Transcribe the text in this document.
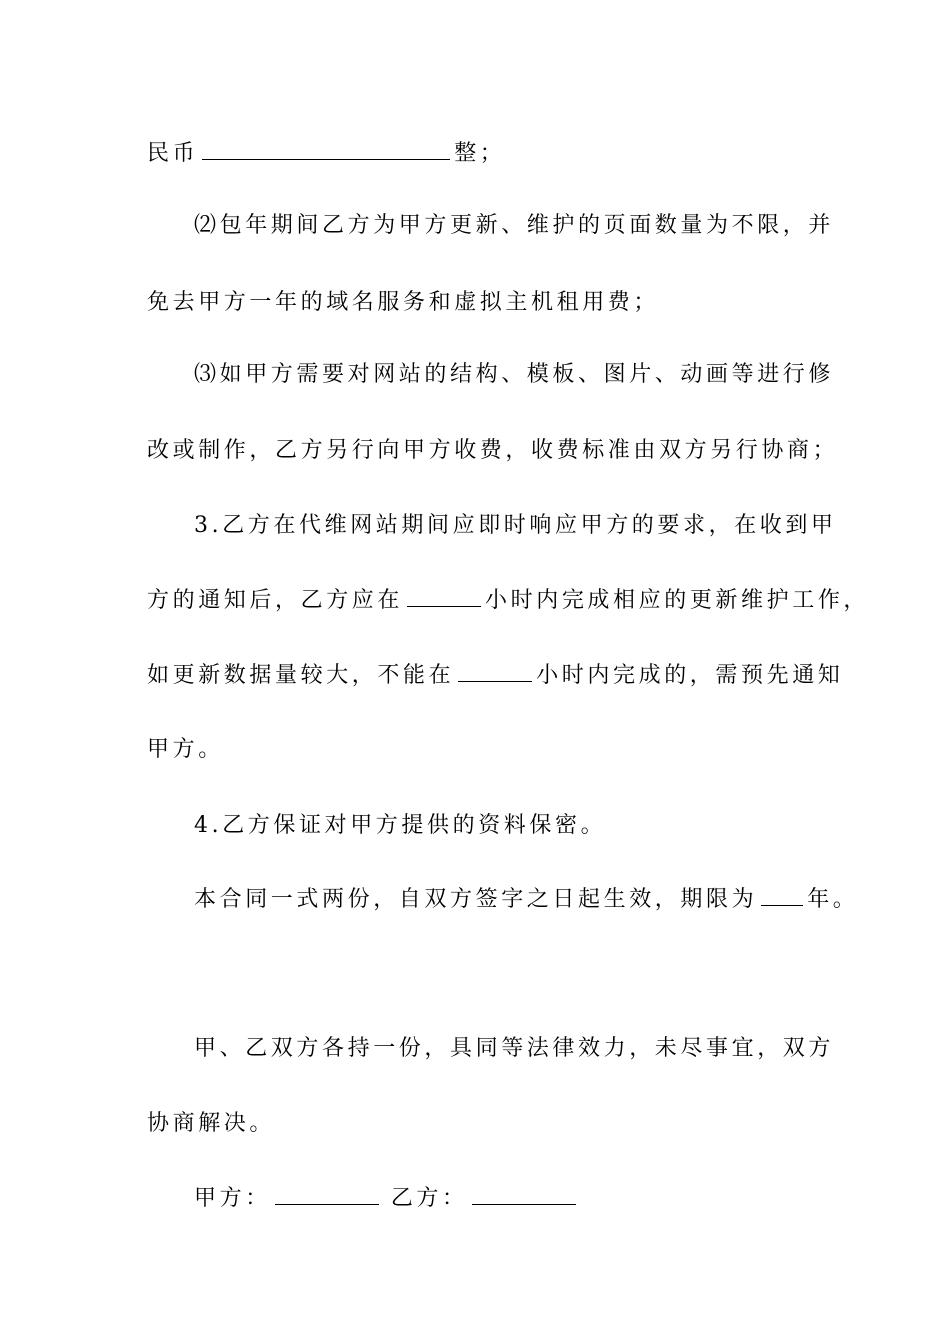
民币	整；
⑵包年期间乙方为甲方更新、维护的页面数量为不限，并
免去甲方一年的域名服务和虚拟主机租用费；
⑶如甲方需要对网站的结构、模板、图片、动画等进行修
改或制作，乙方另行向甲方收费，收费标准由双方另行协商；
3.乙方在代维网站期间应即时响应甲方的要求，在收到甲
方的通知后，乙方应在	小时内完成相应的更新维护工作，
如更新数据量较大，不能在	小时内完成的，需预先通知
甲方。
4.乙方保证对甲方提供的资料保密。
本合同一式两份，自双方签字之日起生效，期限为 年。
甲、乙双方各持一份，具同等法律效力，未尽事宜，双方
协商解决。
甲方：	乙方：
